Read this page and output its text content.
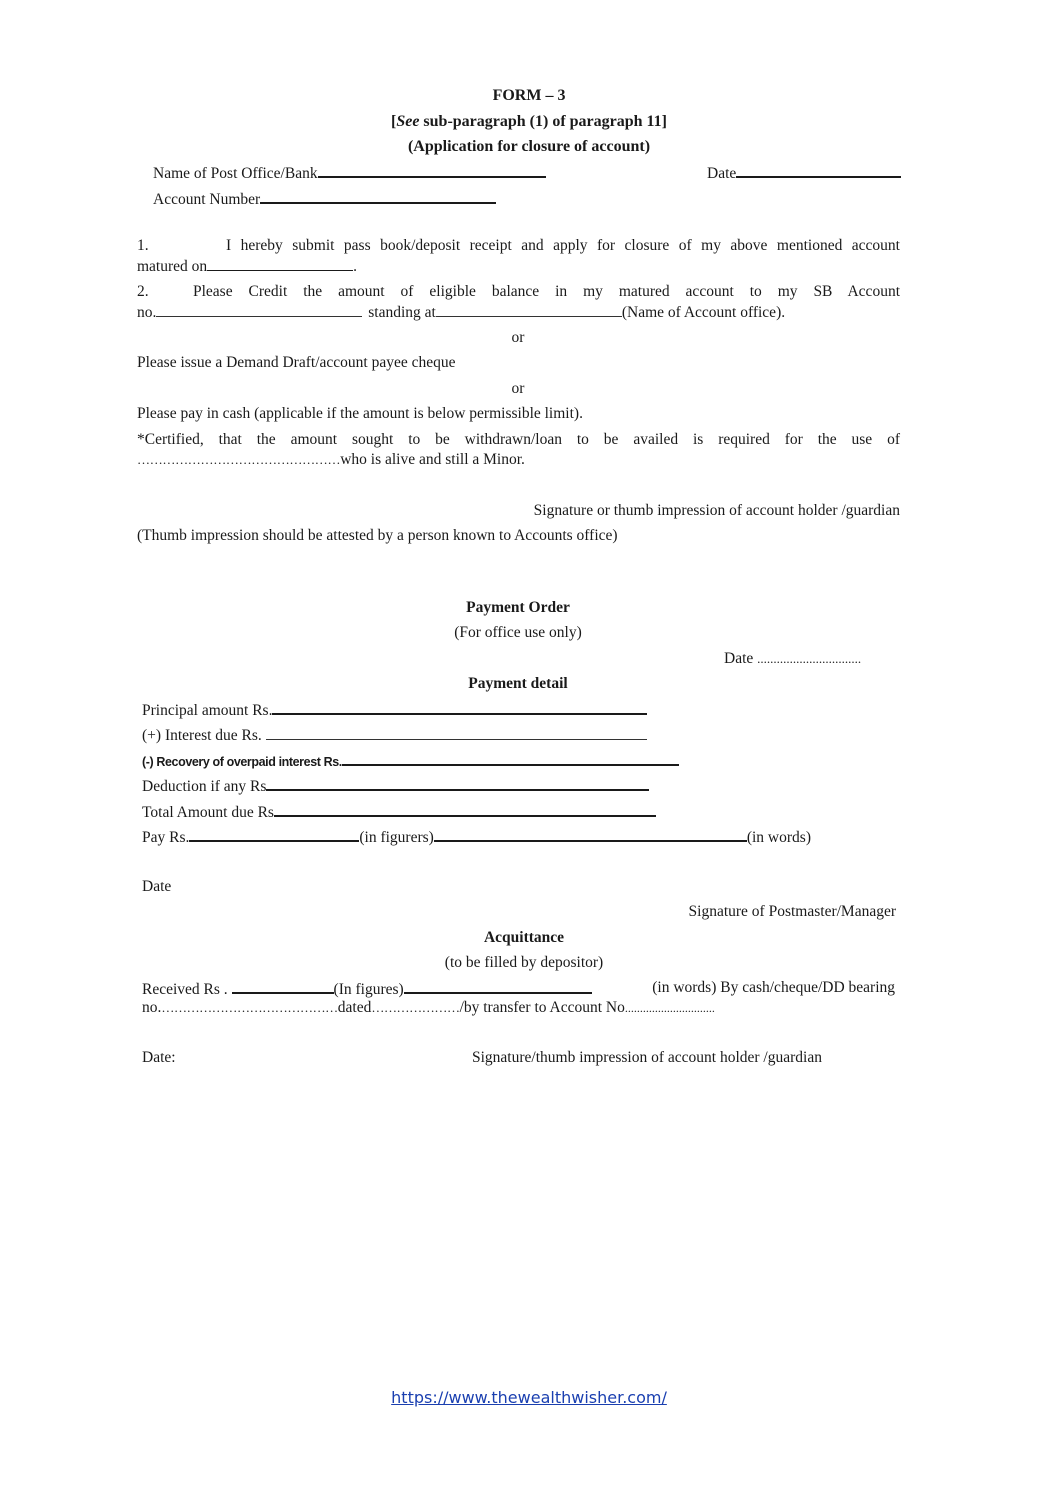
FORM – 3
[See sub-paragraph (1) of paragraph 11]
(Application for closure of account)
Name of Post Office/Bank	Date
Account Number
1.	I hereby submit pass book/deposit receipt and apply for closure of my above mentioned account
matured on	.
2.	Please Credit the amount of eligible balance in my matured account to my SB Account
no.	standing at	(Name of Account office).
or
Please issue a Demand Draft/account payee cheque
or
Please pay in cash (applicable if the amount is below permissible limit).
*Certified, that the amount sought to be withdrawn/loan to be availed is required for the use of
…………………………………………who is alive and still a Minor.
Signature or thumb impression of account holder /guardian
(Thumb impression should be attested by a person known to Accounts office)
Payment Order
(For office use only)
Date ................................
Payment detail
Principal amount Rs.
(+) Interest due Rs.
(-) Recovery of overpaid interest Rs.
Deduction if any Rs
Total Amount due Rs
Pay Rs.	(in figurers)	(in words)
Date
Signature of Postmaster/Manager
Acquittance
(to be filled by depositor)
Received Rs .	(In figures)	(in words) By cash/cheque/DD bearing
no.……………………………………dated…………………/by transfer to Account No..............................
Date:	Signature/thumb impression of account holder /guardian
https://www.thewealthwisher.com/
